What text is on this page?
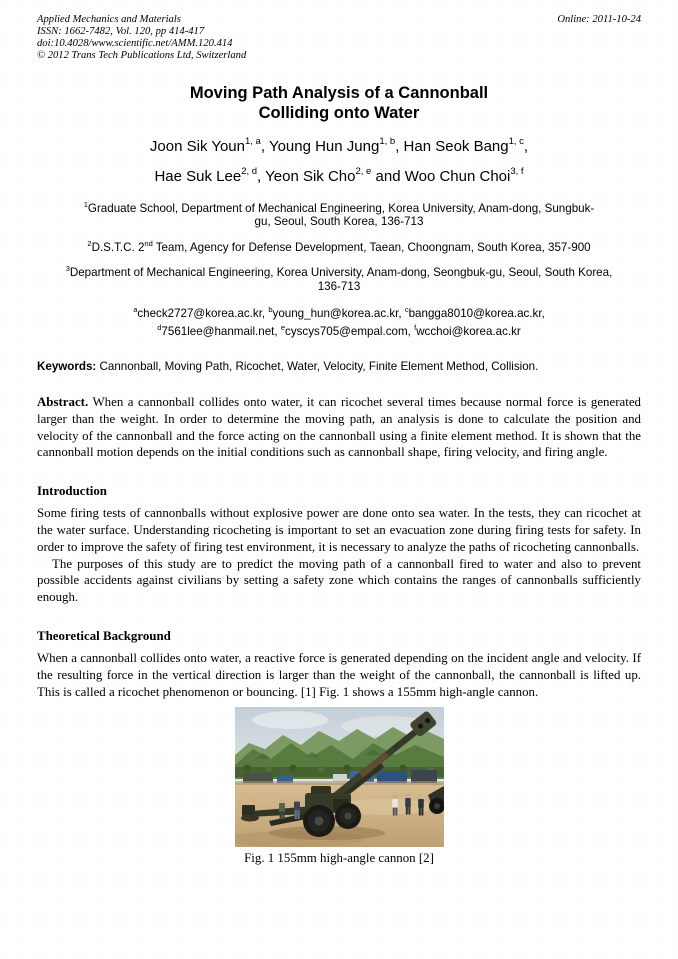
Applied Mechanics and Materials
ISSN: 1662-7482, Vol. 120, pp 414-417
doi:10.4028/www.scientific.net/AMM.120.414
© 2012 Trans Tech Publications Ltd, Switzerland
Online: 2011-10-24
Moving Path Analysis of a Cannonball
Colliding onto Water
Joon Sik Youn$^{1, a}$, Young Hun Jung$^{1, b}$, Han Seok Bang$^{1, c}$,
Hae Suk Lee$^{2, d}$, Yeon Sik Cho$^{2, e}$ and Woo Chun Choi$^{3, f}$

$^1$Graduate School, Department of Mechanical Engineering, Korea University, Anam-dong, Sungbuk-gu, Seoul, South Korea, 136-713

$^2$D.S.T.C. 2nd Team, Agency for Defense Development, Taean, Choongnam, South Korea, 357-900

$^3$Department of Mechanical Engineering, Korea University, Anam-dong, Seongbuk-gu, Seoul, South Korea, 136-713

$^a$check2727@korea.ac.kr, $^b$young_hun@korea.ac.kr, $^c$bangga8010@korea.ac.kr, $^d$7561lee@hanmail.net, $^e$cyscys705@empal.com, $^f$wcchoi@korea.ac.kr

Keywords: Cannonball, Moving Path, Ricochet, Water, Velocity, Finite Element Method, Collision.

Abstract. When a cannonball collides onto water, it can ricochet several times because normal force is generated larger than the weight. In order to determine the moving path, an analysis is done to calculate the position and velocity of the cannonball and the force acting on the cannonball using a finite element method. It is shown that the cannonball motion depends on the initial conditions such as cannonball shape, firing velocity, and firing angle.

Introduction

Some firing tests of cannonballs without explosive power are done onto sea water. In the tests, they can ricochet at the water surface. Understanding ricocheting is important to set an evacuation zone during firing tests for safety. In order to improve the safety of firing test environment, it is necessary to analyze the paths of ricocheting cannonballs.

The purposes of this study are to predict the moving path of a cannonball fired to water and also to prevent possible accidents against civilians by setting a safety zone which contains the ranges of cannonballs sufficiently enough.

Theoretical Background

When a cannonball collides onto water, a reactive force is generated depending on the incident angle and velocity. If the resulting force in the vertical direction is larger than the weight of the cannonball, the cannonball is lifted up. This is called a ricochet phenomenon or bouncing. [1] Fig. 1 shows a 155mm high-angle cannon.

Fig. 1 155mm high-angle cannon [2]
